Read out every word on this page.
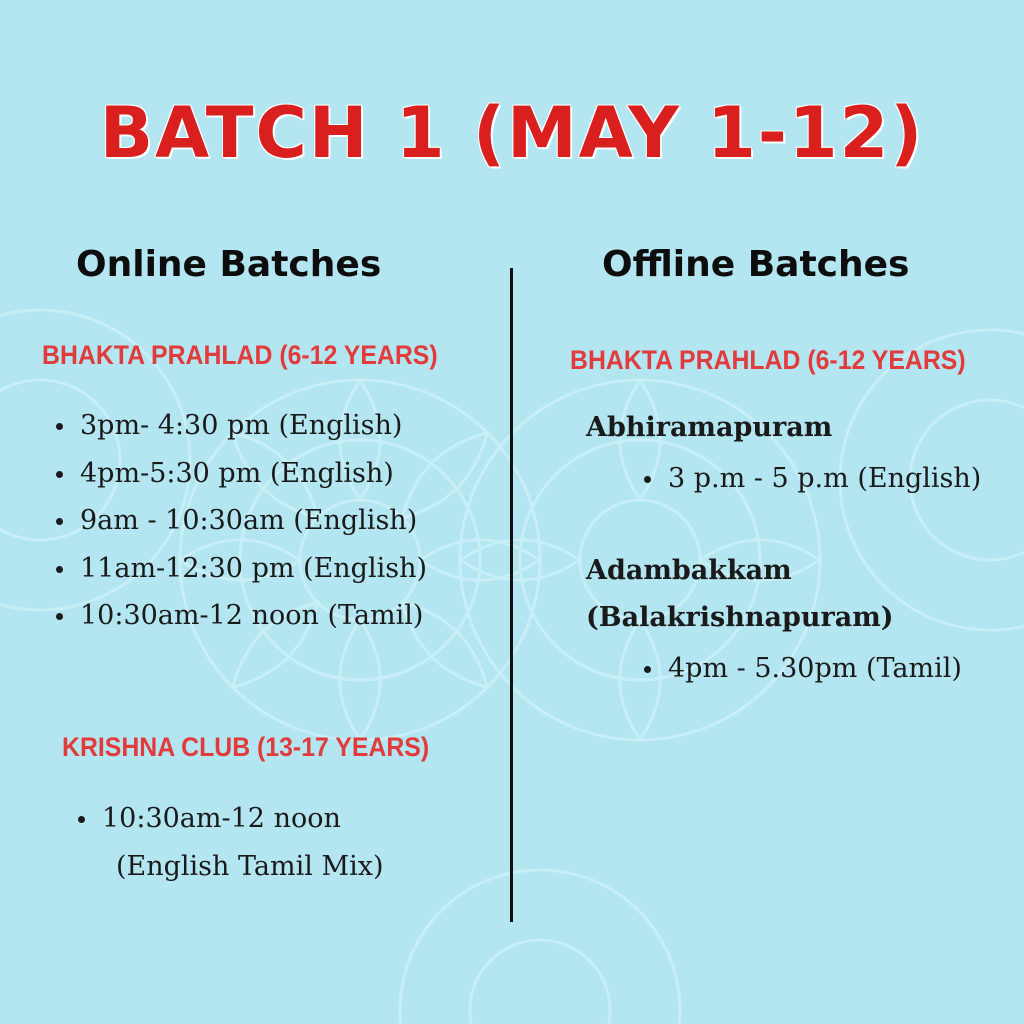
BATCH 1 (MAY 1-12)
Online Batches
BHAKTA PRAHLAD (6-12 YEARS)
3pm- 4:30 pm (English)
4pm-5:30 pm (English)
9am - 10:30am (English)
11am-12:30 pm (English)
10:30am-12 noon (Tamil)
KRISHNA CLUB (13-17 YEARS)
10:30am-12 noon
(English Tamil Mix)
Offline Batches
BHAKTA PRAHLAD (6-12 YEARS)
Abhiramapuram
3 p.m - 5 p.m (English)
Adambakkam
(Balakrishnapuram)
4pm - 5.30pm (Tamil)
